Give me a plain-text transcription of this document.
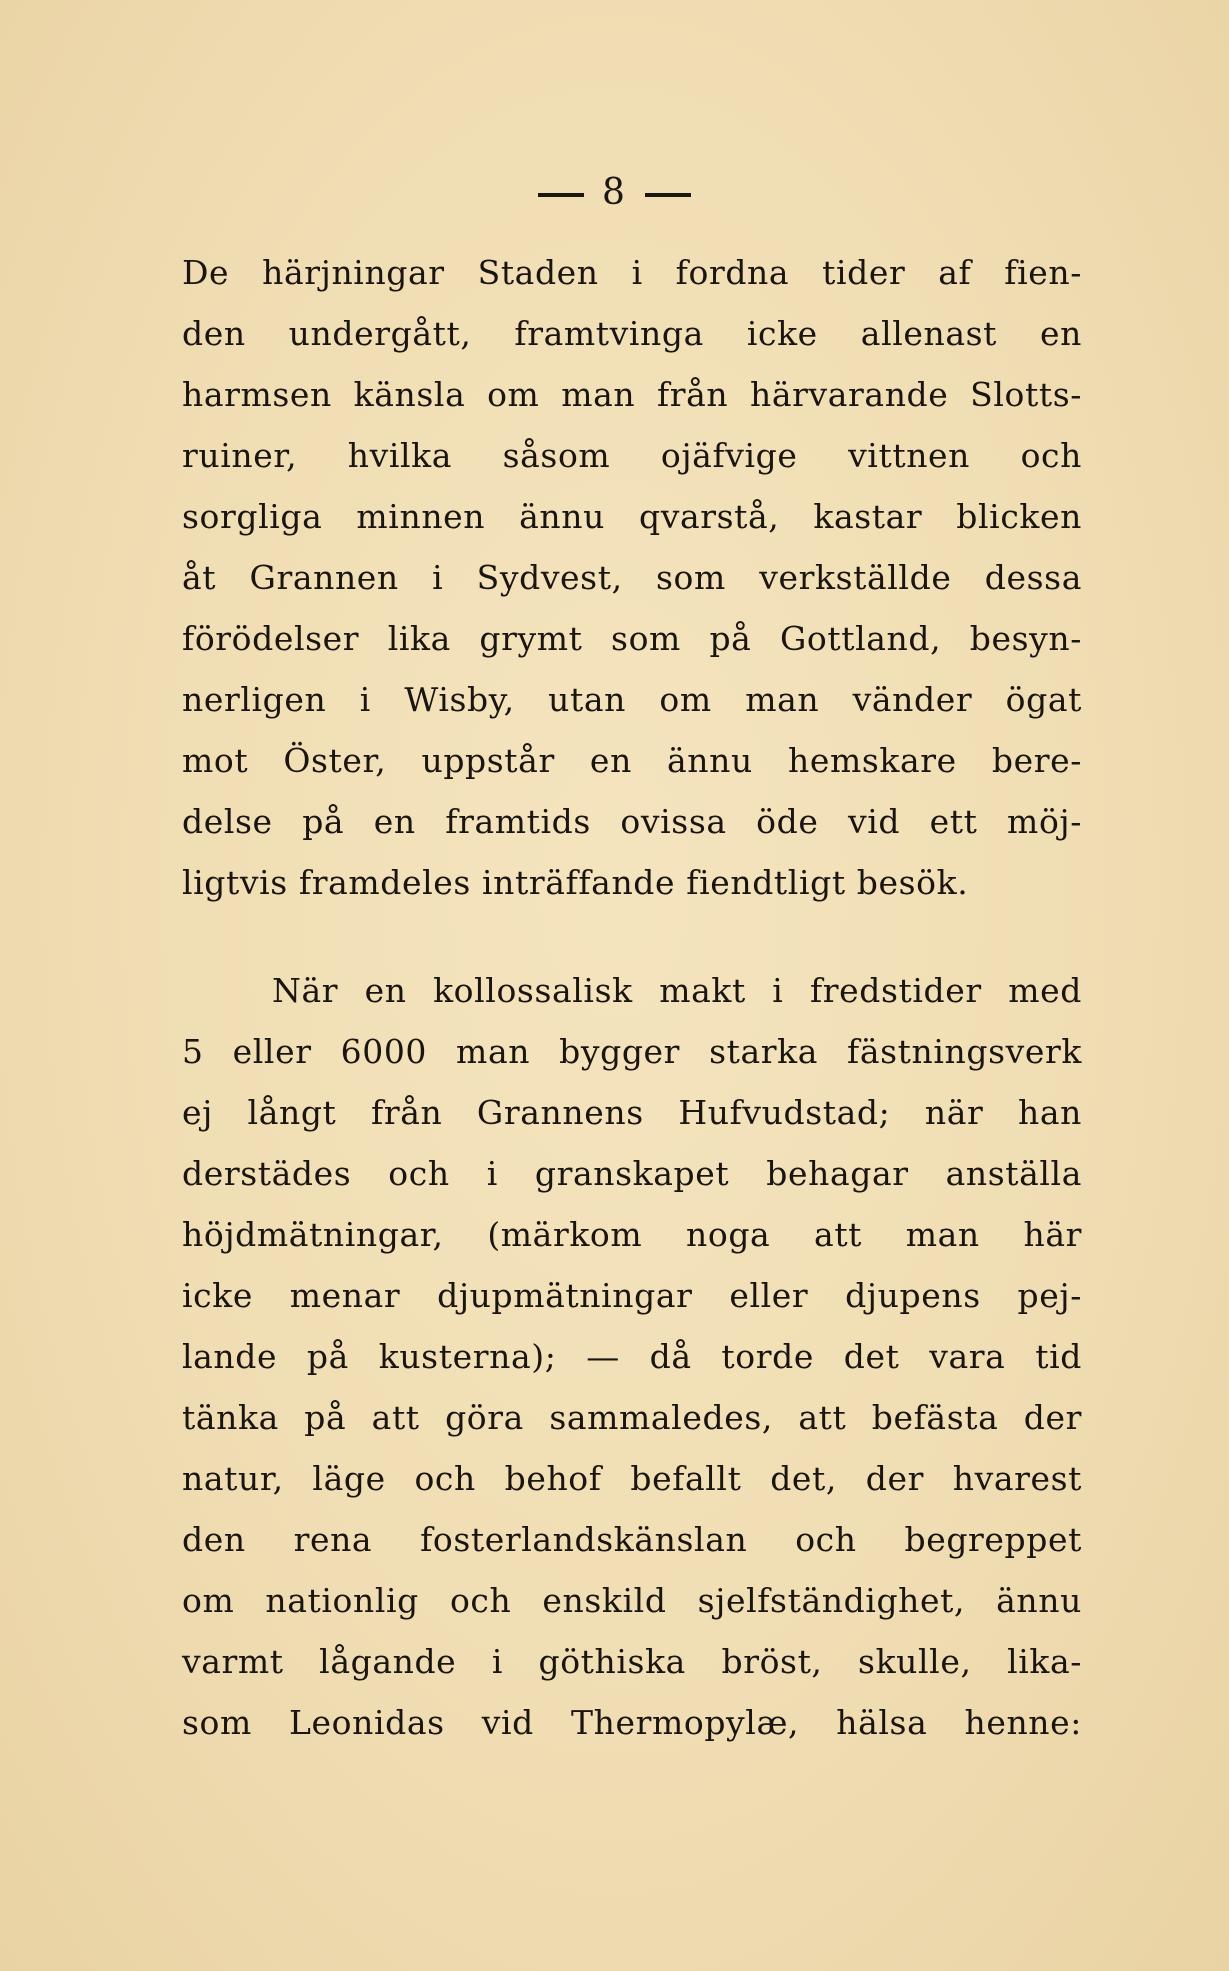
8
De härjningar Staden i fordna tider af fien-
den undergått, framtvinga icke allenast en
harmsen känsla om man från härvarande Slotts-
ruiner, hvilka såsom ojäfvige vittnen och
sorgliga minnen ännu qvarstå, kastar blicken
åt Grannen i Sydvest, som verkställde dessa
förödelser lika grymt som på Gottland, besyn-
nerligen i Wisby, utan om man vänder ögat
mot Öster, uppstår en ännu hemskare bere-
delse på en framtids ovissa öde vid ett möj-
ligtvis framdeles inträffande fiendtligt besök.
När en kollossalisk makt i fredstider med
5 eller 6000 man bygger starka fästningsverk
ej långt från Grannens Hufvudstad; när han
derstädes och i granskapet behagar anställa
höjdmätningar, (märkom noga att man här
icke menar djupmätningar eller djupens pej-
lande på kusterna); — då torde det vara tid
tänka på att göra sammaledes, att befästa der
natur, läge och behof befallt det, der hvarest
den rena fosterlandskänslan och begreppet
om nationlig och enskild sjelfständighet, ännu
varmt lågande i göthiska bröst, skulle, lika-
som Leonidas vid Thermopylæ, hälsa henne:
